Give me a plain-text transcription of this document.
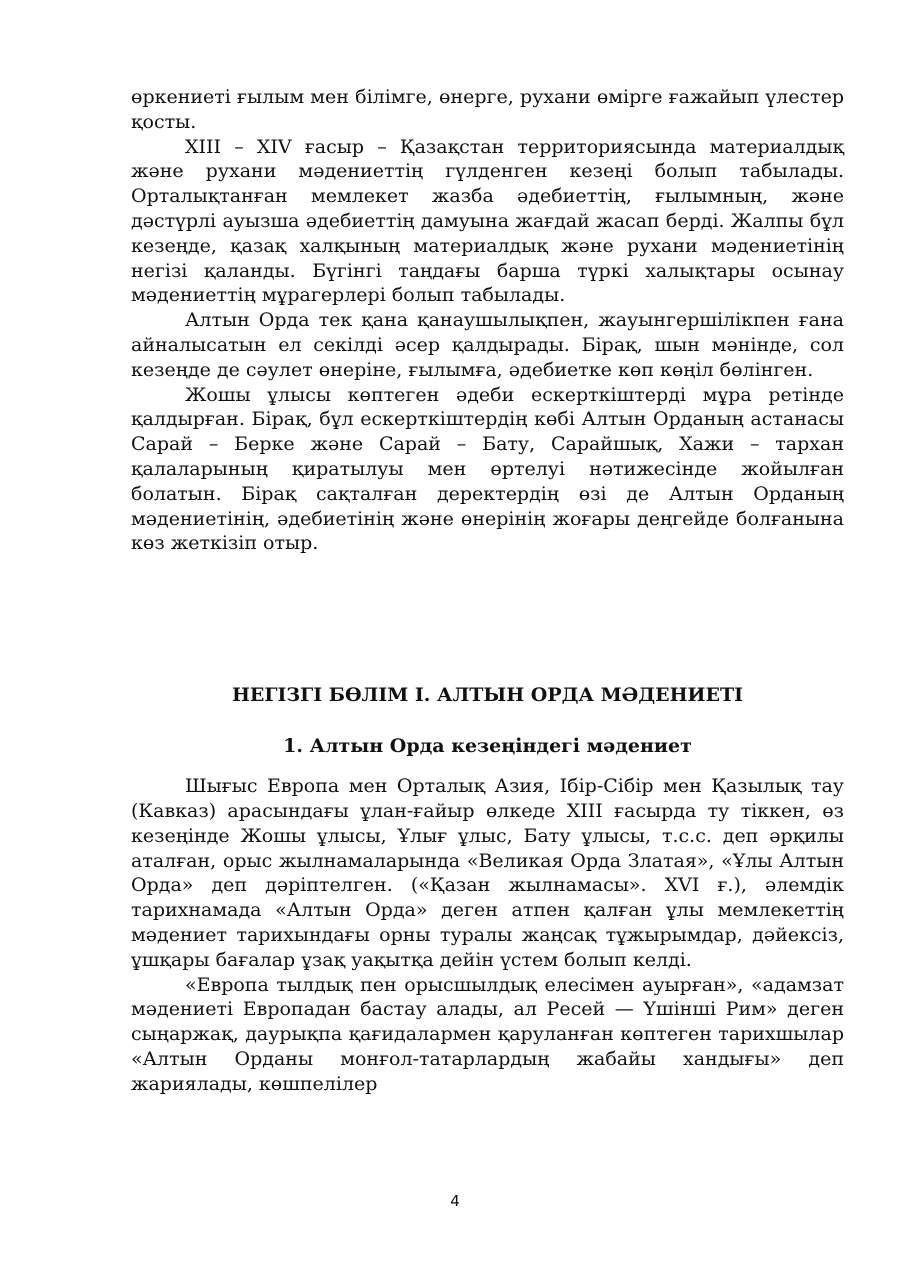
өркениеті ғылым мен білімге, өнерге, рухани өмірге ғажайып үлестер қосты.

XIII – XIV ғасыр – Қазақстан территориясында материалдық және рухани мәдениеттің гүлденген кезеңі болып табылады. Орталықтанған мемлекет жазба әдебиеттің, ғылымның, және дәстүрлі ауызша әдебиеттің дамуына жағдай жасап берді. Жалпы бұл кезеңде, қазақ халқының материалдық және рухани мәдениетінің негізі қаланды. Бүгінгі таңдағы барша түркі халықтары осынау мәдениеттің мұрагерлері болып табылады.

Алтын Орда тек қана қанаушылықпен, жауынгершілікпен ғана айналысатын ел секілді әсер қалдырады. Бірақ, шын мәнінде, сол кезеңде де сәулет өнеріне, ғылымға, әдебиетке көп көңіл бөлінген.

Жошы ұлысы көптеген әдеби ескерткіштерді мұра ретінде қалдырған. Бірақ, бұл ескерткіштердің көбі Алтын Орданың астанасы Сарай – Берке және Сарай – Бату, Сарайшық, Хажи – тархан қалаларының қиратылуы мен өртелуі нәтижесінде жойылған болатын. Бірақ сақталған деректердің өзі де Алтын Орданың мәдениетінің, әдебиетінің және өнерінің жоғары деңгейде болғанына көз жеткізіп отыр.

НЕГІЗГІ БӨЛІМ І. АЛТЫН ОРДА МӘДЕНИЕТІ
1. Алтын Орда кезеңіндегі мәдениет

Шығыс Европа мен Орталық Азия, Ібір-Сібір мен Қазылық тау (Кавказ) арасындағы ұлан-ғайыр өлкеде XIII ғасырда ту тіккен, өз кезеңінде Жошы ұлысы, Ұлығ ұлыс, Бату ұлысы, т.с.с. деп әрқилы аталған, орыс жылнамаларында «Великая Орда Златая», «Ұлы Алтын Орда» деп дәріптелген. («Қазан жылнамасы». XVI ғ.), әлемдік тарихнамада «Алтын Орда» деген атпен қалған ұлы мемлекеттің мәдениет тарихындағы орны туралы жаңсақ тұжырымдар, дәйексіз, ұшқары бағалар ұзақ уақытқа дейін үстем болып келді.

«Европа тылдық пен орысшылдық елесімен ауырған», «адамзат мәдениеті Европадан бастау алады, ал Ресей — Үшінші Рим» деген сыңаржақ, даурықпа қағидалармен қаруланған көптеген тарихшылар «Алтын Орданы монғол-татарлардың жабайы хандығы» деп жариялады, көшпелілер

4
